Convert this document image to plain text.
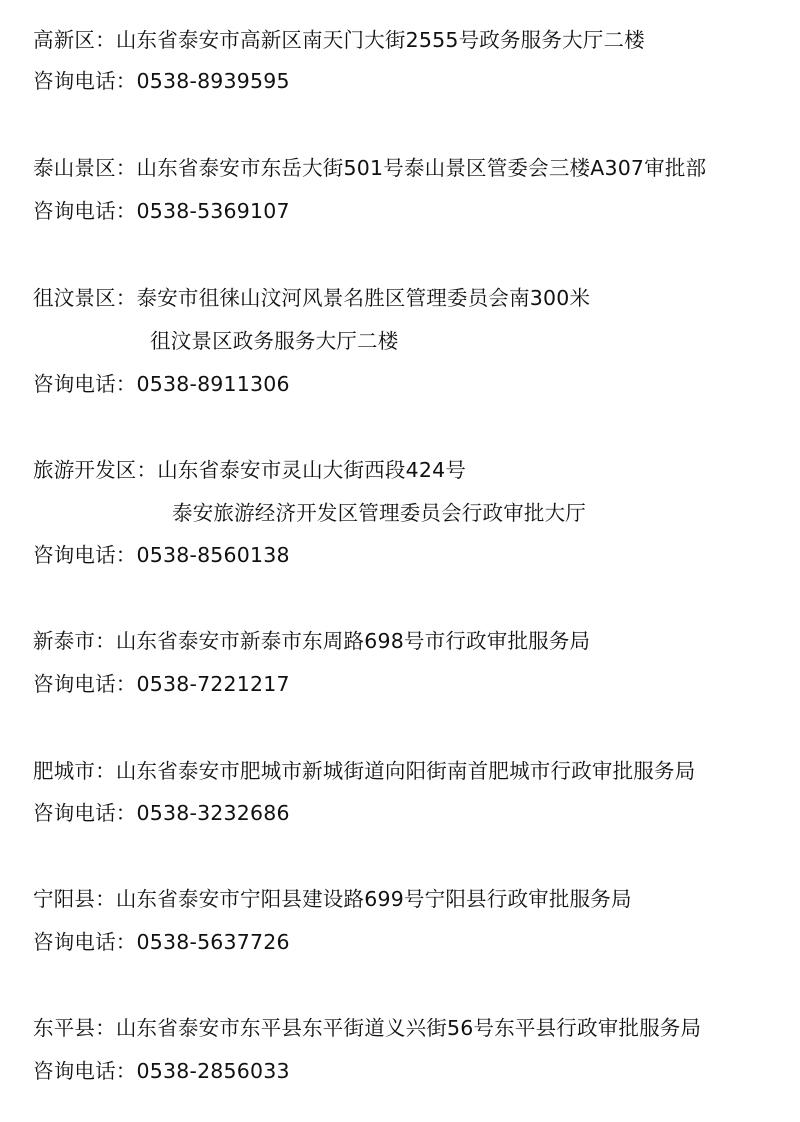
高新区：山东省泰安市高新区南天门大街2555号政务服务大厅二楼
咨询电话：0538-8939595
泰山景区：山东省泰安市东岳大街501号泰山景区管委会三楼A307审批部
咨询电话：0538-5369107
徂汶景区：泰安市徂徕山汶河风景名胜区管理委员会南300米
徂汶景区政务服务大厅二楼
咨询电话：0538-8911306
旅游开发区：山东省泰安市灵山大街西段424号
泰安旅游经济开发区管理委员会行政审批大厅
咨询电话：0538-8560138
新泰市：山东省泰安市新泰市东周路698号市行政审批服务局
咨询电话：0538-7221217
肥城市：山东省泰安市肥城市新城街道向阳街南首肥城市行政审批服务局
咨询电话：0538-3232686
宁阳县：山东省泰安市宁阳县建设路699号宁阳县行政审批服务局
咨询电话：0538-5637726
东平县：山东省泰安市东平县东平街道义兴街56号东平县行政审批服务局
咨询电话：0538-2856033
